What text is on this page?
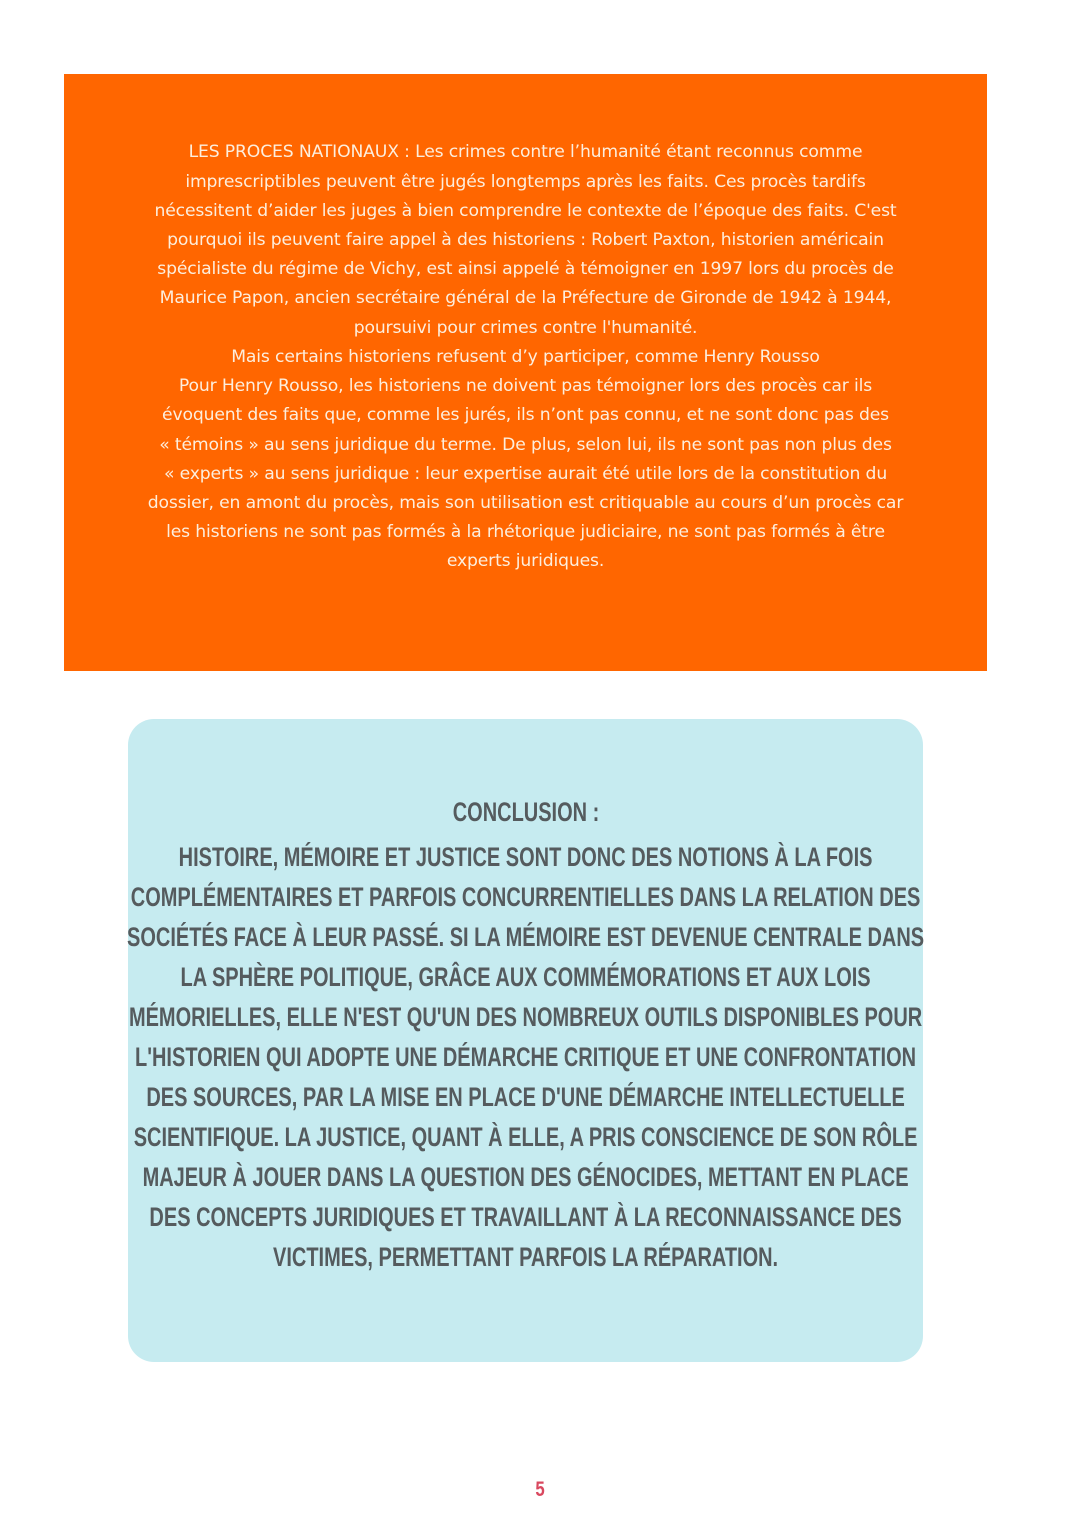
LES PROCES NATIONAUX : Les crimes contre l’humanité étant reconnus comme
imprescriptibles peuvent être jugés longtemps après les faits. Ces procès tardifs
nécessitent d’aider les juges à bien comprendre le contexte de l’époque des faits. C'est
pourquoi ils peuvent faire appel à des historiens : Robert Paxton, historien américain
spécialiste du régime de Vichy, est ainsi appelé à témoigner en 1997 lors du procès de
Maurice Papon, ancien secrétaire général de la Préfecture de Gironde de 1942 à 1944,
poursuivi pour crimes contre l'humanité.
Mais certains historiens refusent d’y participer, comme Henry Rousso
Pour Henry Rousso, les historiens ne doivent pas témoigner lors des procès car ils
évoquent des faits que, comme les jurés, ils n’ont pas connu, et ne sont donc pas des
« témoins » au sens juridique du terme. De plus, selon lui, ils ne sont pas non plus des
« experts » au sens juridique : leur expertise aurait été utile lors de la constitution du
dossier, en amont du procès, mais son utilisation est critiquable au cours d’un procès car
les historiens ne sont pas formés à la rhétorique judiciaire, ne sont pas formés à être
experts juridiques.
CONCLUSION :
HISTOIRE, MÉMOIRE ET JUSTICE SONT DONC DES NOTIONS À LA FOIS
COMPLÉMENTAIRES ET PARFOIS CONCURRENTIELLES DANS LA RELATION DES
SOCIÉTÉS FACE À LEUR PASSÉ. SI LA MÉMOIRE EST DEVENUE CENTRALE DANS
LA SPHÈRE POLITIQUE, GRÂCE AUX COMMÉMORATIONS ET AUX LOIS
MÉMORIELLES, ELLE N'EST QU'UN DES NOMBREUX OUTILS DISPONIBLES POUR
L'HISTORIEN QUI ADOPTE UNE DÉMARCHE CRITIQUE ET UNE CONFRONTATION
DES SOURCES, PAR LA MISE EN PLACE D'UNE DÉMARCHE INTELLECTUELLE
SCIENTIFIQUE. LA JUSTICE, QUANT À ELLE, A PRIS CONSCIENCE DE SON RÔLE
MAJEUR À JOUER DANS LA QUESTION DES GÉNOCIDES, METTANT EN PLACE
DES CONCEPTS JURIDIQUES ET TRAVAILLANT À LA RECONNAISSANCE DES
VICTIMES, PERMETTANT PARFOIS LA RÉPARATION.
5
